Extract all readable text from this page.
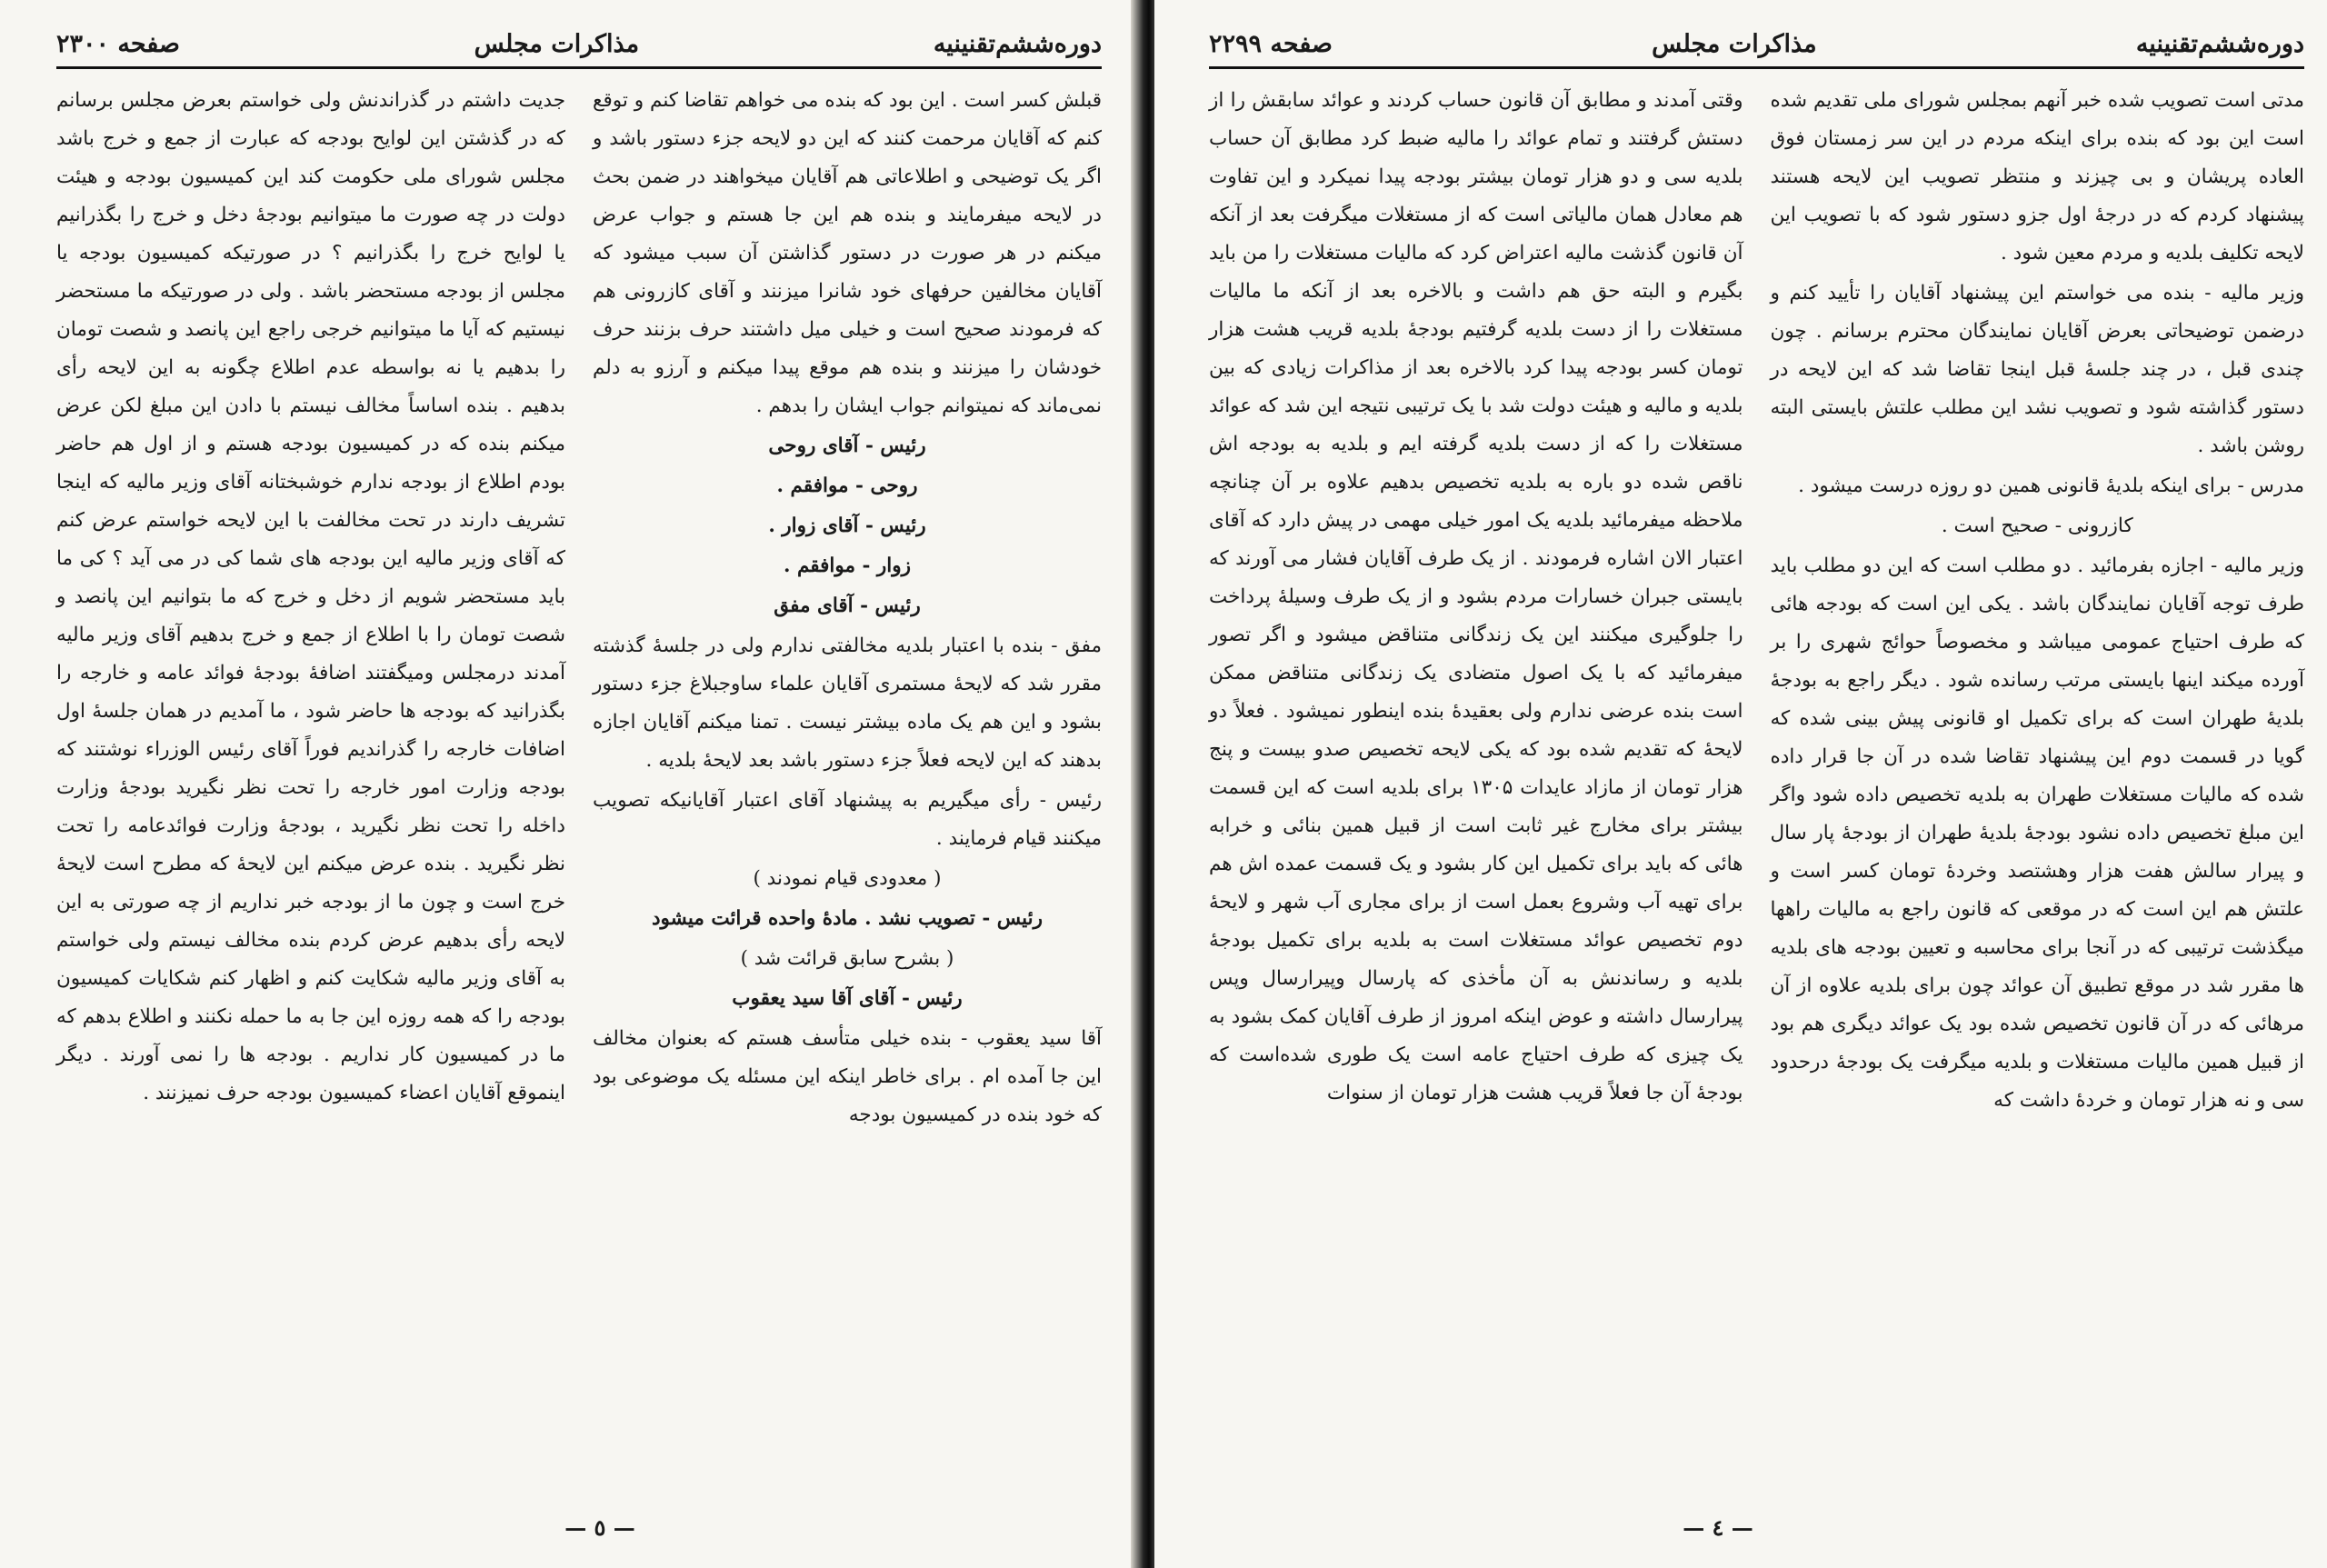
دوره‌ششم‌تقنینیه
مذاکرات مجلس
صفحه ۲۳۰۰

قبلش کسر است . این بود که بنده می خواهم تقاضا کنم و توقع کنم که آقایان مرحمت کنند که این دو لایحه جزء دستور باشد و اگر یک توضیحی و اطلاعاتی هم آقایان میخواهند در ضمن بحث در لایحه میفرمایند و بنده هم این جا هستم و جواب عرض میکنم در هر صورت در دستور گذاشتن آن سبب میشود که آقایان مخالفین حرفهای خود شانرا میزنند و آقای کازرونی هم که فرمودند صحیح است و خیلی میل داشتند حرف بزنند حرف خودشان را میزنند و بنده هم موقع پیدا میکنم و آرزو به دلم نمی‌ماند که نمیتوانم جواب ایشان را بدهم .

رئیس - آقای روحی

روحی - موافقم .

رئیس - آقای زوار .

زوار - موافقم .

رئیس - آقای مفق

مفق - بنده با اعتبار بلدیه مخالفتی ندارم ولی در جلسهٔ گذشته مقرر شد که لایحهٔ مستمری آقایان علماء ساوجبلاغ جزء دستور بشود و این هم یک ماده بیشتر نیست . تمنا میکنم آقایان اجازه بدهند که این لایحه فعلاً جزء دستور باشد بعد لایحهٔ بلدیه .

رئیس - رأی میگیریم به پیشنهاد آقای اعتبار آقایانیکه تصویب میکنند قیام فرمایند .

( معدودی قیام نمودند )

رئیس - تصویب نشد . مادهٔ واحده قرائت میشود

( بشرح سابق قرائت شد )

رئیس - آقای آقا سید یعقوب

آقا سید یعقوب - بنده خیلی متأسف هستم که بعنوان مخالف این جا آمده ام . برای خاطر اینکه این مسئله یک موضوعی بود که خود بنده در کمیسیون بودجه

جدیت داشتم در گذراندنش ولی خواستم بعرض مجلس برسانم که در گذشتن این لوایح بودجه که عبارت از جمع و خرج باشد مجلس شورای ملی حکومت کند این کمیسیون بودجه و هیئت دولت در چه صورت ما میتوانیم بودجهٔ دخل و خرج را بگذرانیم یا لوایح خرج را بگذرانیم ؟ در صورتیکه کمیسیون بودجه یا مجلس از بودجه مستحضر باشد . ولی در صورتیکه ما مستحضر نیستیم که آیا ما میتوانیم خرجی راجع این پانصد و شصت تومان را بدهیم یا نه بواسطه عدم اطلاع چگونه به این لایحه رأی بدهیم . بنده اساساً مخالف نیستم با دادن این مبلغ لکن عرض میکنم بنده که در کمیسیون بودجه هستم و از اول هم حاضر بودم اطلاع از بودجه ندارم خوشبختانه آقای وزیر مالیه که اینجا تشریف دارند در تحت مخالفت با این لایحه خواستم عرض کنم که آقای وزیر مالیه این بودجه های شما کی در می آید ؟ کی ما باید مستحضر شویم از دخل و خرج که ما بتوانیم این پانصد و شصت تومان را با اطلاع از جمع و خرج بدهیم آقای وزیر مالیه آمدند درمجلس ومیگفتند اضافهٔ بودجهٔ فوائد عامه و خارجه را بگذرانید که بودجه ها حاضر شود ، ما آمدیم در همان جلسهٔ اول اضافات خارجه را گذراندیم فوراً آقای رئیس الوزراء نوشتند که بودجه وزارت امور خارجه را تحت نظر نگیرید بودجهٔ وزارت داخله را تحت نظر نگیرید ، بودجهٔ وزارت فوائدعامه را تحت نظر نگیرید . بنده عرض میکنم این لایحهٔ که مطرح است لایحهٔ خرج است و چون ما از بودجه خبر نداریم از چه صورتی به این لایحه رأی بدهیم عرض کردم بنده مخالف نیستم ولی خواستم به آقای وزیر مالیه شکایت کنم و اظهار کنم شکایات کمیسیون بودجه را که همه روزه این جا به ما حمله نکنند و اطلاع بدهم که ما در کمیسیون کار نداریم . بودجه ها را نمی آورند . دیگر اینموقع آقایان اعضاء کمیسیون بودجه حرف نمیزنند .

— ٥ —
دوره‌ششم‌تقنینیه
مذاکرات مجلس
صفحه ۲۲۹۹

مدتی است تصویب شده خبر آنهم بمجلس شورای ملی تقدیم شده است این بود که بنده برای اینکه مردم در این سر زمستان فوق العاده پریشان و بی چیزند و منتظر تصویب این لایحه هستند پیشنهاد کردم که در درجهٔ اول جزو دستور شود که با تصویب این لایحه تکلیف بلدیه و مردم معین شود .

وزیر مالیه - بنده می خواستم این پیشنهاد آقایان را تأیید کنم و درضمن توضیحاتی بعرض آقایان نمایندگان محترم برسانم . چون چندی قبل ، در چند جلسهٔ قبل اینجا تقاضا شد که این لایحه در دستور گذاشته شود و تصویب نشد این مطلب علتش بایستی البته روشن باشد .

مدرس - برای اینکه بلدیهٔ قانونی همین دو روزه درست میشود .

کازرونی - صحیح است .

وزیر مالیه - اجازه بفرمائید . دو مطلب است که این دو مطلب باید طرف توجه آقایان نمایندگان باشد . یکی این است که بودجه هائی که طرف احتیاج عمومی میباشد و مخصوصاً حوائج شهری را بر آورده میکند اینها بایستی مرتب رسانده شود . دیگر راجع به بودجهٔ بلدیهٔ طهران است که برای تکمیل او قانونی پیش بینی شده که گویا در قسمت دوم این پیشنهاد تقاضا شده در آن جا قرار داده شده که مالیات مستغلات طهران به بلدیه تخصیص داده شود واگر این مبلغ تخصیص داده نشود بودجهٔ بلدیهٔ طهران از بودجهٔ پار سال و پیرار سالش هفت هزار وهشتصد وخردهٔ تومان کسر است و علتش هم این است که در موقعی که قانون راجع به مالیات راهها میگذشت ترتیبی که در آنجا برای محاسبه و تعیین بودجه های بلدیه ها مقرر شد در موقع تطبیق آن عوائد چون برای بلدیه علاوه از آن مرهائی که در آن قانون تخصیص شده بود یک عوائد دیگری هم بود از قبیل همین مالیات مستغلات و بلدیه میگرفت یک بودجهٔ درحدود سی و نه هزار تومان و خردهٔ داشت که

وقتی آمدند و مطابق آن قانون حساب کردند و عوائد سابقش را از دستش گرفتند و تمام عوائد را مالیه ضبط کرد مطابق آن حساب بلدیه سی و دو هزار تومان بیشتر بودجه پیدا نمیکرد و این تفاوت هم معادل همان مالیاتی است که از مستغلات میگرفت بعد از آنکه آن قانون گذشت مالیه اعتراض کرد که مالیات مستغلات را من باید بگیرم و البته حق هم داشت و بالاخره بعد از آنکه ما مالیات مستغلات را از دست بلدیه گرفتیم بودجهٔ بلدیه قریب هشت هزار تومان کسر بودجه پیدا کرد بالاخره بعد از مذاکرات زیادی که بین بلدیه و مالیه و هیئت دولت شد با یک ترتیبی نتیجه این شد که عوائد مستغلات را که از دست بلدیه گرفته ایم و بلدیه به بودجه اش ناقص شده دو باره به بلدیه تخصیص بدهیم علاوه بر آن چنانچه ملاحظه میفرمائید بلدیه یک امور خیلی مهمی در پیش دارد که آقای اعتبار الان اشاره فرمودند . از یک طرف آقایان فشار می آورند که بایستی جبران خسارات مردم بشود و از یک طرف وسیلهٔ پرداخت را جلوگیری میکنند این یک زندگانی متناقض میشود و اگر تصور میفرمائید که با یک اصول متضادی یک زندگانی متناقض ممکن است بنده عرضی ندارم ولی بعقیدهٔ بنده اینطور نمیشود . فعلاً دو لایحهٔ که تقدیم شده بود که یکی لایحه تخصیص صدو بیست و پنج هزار تومان از مازاد عایدات ۱۳۰۵ برای بلدیه است که این قسمت بیشتر برای مخارج غیر ثابت است از قبیل همین بنائی و خرابه هائی که باید برای تکمیل این کار بشود و یک قسمت عمده اش هم برای تهیه آب وشروع بعمل است از برای مجاری آب شهر و لایحهٔ دوم تخصیص عوائد مستغلات است به بلدیه برای تکمیل بودجهٔ بلدیه و رساندنش به آن مأخذی که پارسال وپیرارسال وپس پیرارسال داشته و عوض اینکه امروز از طرف آقایان کمک بشود به یک چیزی که طرف احتیاج عامه است یک طوری شده‌است که بودجهٔ آن جا فعلاً قریب هشت هزار تومان از سنوات

— ٤ —
